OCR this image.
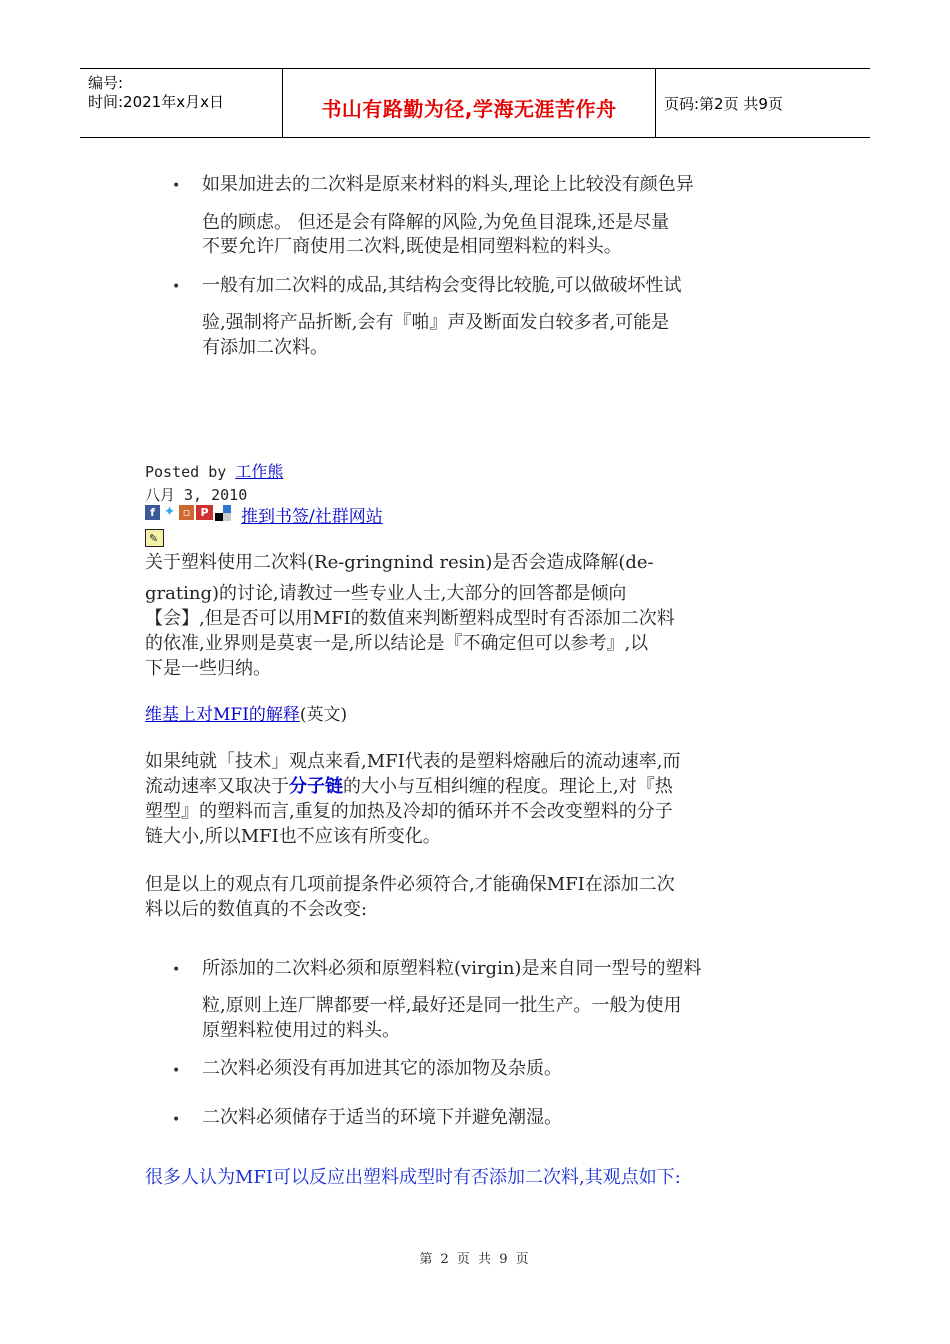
编号:
时间:2021年x月x日	书山有路勤为径,学海无涯苦作舟	页码:第2页 共9页
• 如果加进去的二次料是原来材料的料头,理论上比较没有颜色异
色的顾虑。 但还是会有降解的风险,为免鱼目混珠,还是尽量
不要允许厂商使用二次料,既使是相同塑料粒的料头。
• 一般有加二次料的成品,其结构会变得比较脆,可以做破坏性试
验,强制将产品折断,会有『啪』声及断面发白较多者,可能是
有添加二次料。
Posted by 工作熊
八月 3, 2010
f ✦ ▫ P 推到书签/社群网站
✎
关于塑料使用二次料(Re-gringnind resin)是否会造成降解(de-
grating)的讨论,请教过一些专业人士,大部分的回答都是倾向
【会】,但是否可以用MFI的数值来判断塑料成型时有否添加二次料
的依准,业界则是莫衷一是,所以结论是『不确定但可以参考』,以
下是一些归纳。
维基上对MFI的解释(英文)
如果纯就「技术」观点来看,MFI代表的是塑料熔融后的流动速率,而
流动速率又取决于分子链的大小与互相纠缠的程度。理论上,对『热
塑型』的塑料而言,重复的加热及冷却的循环并不会改变塑料的分子
链大小,所以MFI也不应该有所变化。
但是以上的观点有几项前提条件必须符合,才能确保MFI在添加二次
料以后的数值真的不会改变:
• 所添加的二次料必须和原塑料粒(virgin)是来自同一型号的塑料
粒,原则上连厂牌都要一样,最好还是同一批生产。一般为使用
原塑料粒使用过的料头。
• 二次料必须没有再加进其它的添加物及杂质。
• 二次料必须储存于适当的环境下并避免潮湿。
很多人认为MFI可以反应出塑料成型时有否添加二次料,其观点如下:
第 2 页 共 9 页
